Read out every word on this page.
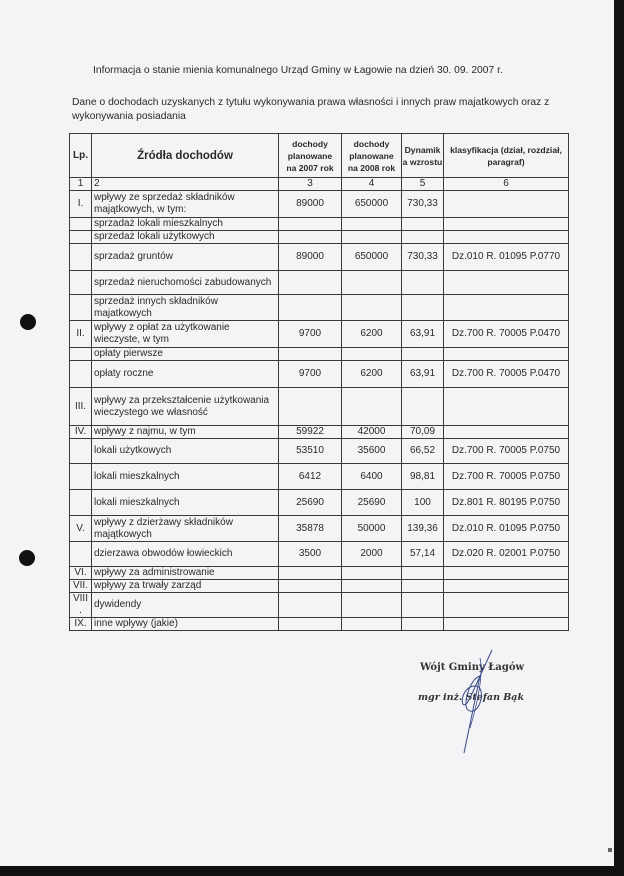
Informacja o stanie mienia komunalnego Urząd Gminy w Łagowie na dzień 30. 09. 2007 r.
Dane o dochodach uzyskanych z tytułu wykonywania prawa własności i innych praw majatkowych oraz z wykonywania posiadania
Lp.	Źródła dochodów	dochody planowane na 2007 rok	dochody planowane na 2008 rok	Dynamik a wzrostu	klasyfikacja (dział, rozdział, paragraf)
1	2	3	4	5	6
I.	wpływy ze sprzedaż składników majątkowych, w tym:	89000	650000	730,33	
	sprzadaż lokali mieszkalnych				
	sprzedaż lokali użytkowych				
	sprzadaż gruntów	89000	650000	730,33	Dz.010 R. 01095 P.0770
	sprzedaż nieruchomości zabudowanych				
	sprzedaż innych składników majatkowych				
II.	wpływy z opłat za użytkowanie wieczyste, w tym	9700	6200	63,91	Dz.700 R. 70005 P.0470
	opłaty pierwsze				
	opłaty roczne	9700	6200	63,91	Dz.700 R. 70005 P.0470
III.	wpływy za przekształcenie użytkowania wieczystego we własność				
IV.	wpływy z najmu, w tym	59922	42000	70,09	
	lokali użytkowych	53510	35600	66,52	Dz.700 R. 70005 P.0750
	lokali mieszkalnych	6412	6400	98,81	Dz.700 R. 70005 P.0750
	lokali mieszkalnych	25690	25690	100	Dz.801 R. 80195 P.0750
V.	wpływy z dzierżawy składników majątkowych	35878	50000	139,36	Dz.010 R. 01095 P.0750
	dzierzawa obwodów łowieckich	3500	2000	57,14	Dz.020 R. 02001 P.0750
VI.	wpływy za administrowanie				
VII.	wpływy za trwały zarząd				
VIII .	dywidendy				
IX.	inne wpływy (jakie)				
Wójt Gminy Łagów
mgr inż. Stefan Bąk
